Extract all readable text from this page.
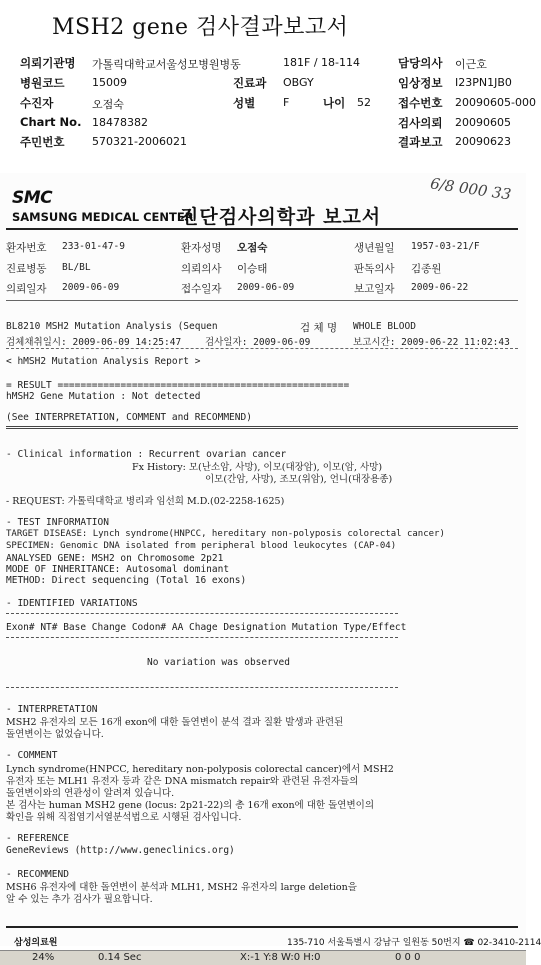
MSH2 gene 검사결과보고서
의뢰기관명 가톨릭대학교서울성모병원병동	181F / 18-114	담당의사 이근호
병원코드	15009	진료과 OBGY	임상정보 I23PN1JB0
수진자	오점숙	성별	F	나이 52 접수번호 20090605-000
Chart No. 18478382	검사의뢰 20090605
주민번호	570321-2006021	결과보고 20090623
SMC
SAMSUNG MEDICAL CENTER
진단검사의학과 보고서
6/8 000 33
환자번호 233-01-47-9	환자성명 오점숙	생년월일 1957-03-21/F
진료병동 BL/BL	의뢰의사 이승태	판독의사 김종원
의뢰일자 2009-06-09	접수일자 2009-06-09	보고일자 2009-06-22
BL8210 MSH2 Mutation Analysis (Sequen	검 체 명 WHOLE BLOOD
검체채취일시: 2009-06-09 14:25:47	검사일자: 2009-06-09	보고시간: 2009-06-22 11:02:43
< hMSH2 Mutation Analysis Report >
= RESULT ===================================================
hMSH2 Gene Mutation : Not detected
(See INTERPRETATION, COMMENT and RECOMMEND)
- Clinical information : Recurrent ovarian cancer
Fx History: 모(난소암, 사망), 이모(대장암), 이모(암, 사망)
이모(간암, 사망), 조모(위암), 언니(대장용종)
- REQUEST: 가톨릭대학교 병리과 임선희 M.D.(02-2258-1625)
- TEST INFORMATION
TARGET DISEASE: Lynch syndrome(HNPCC, hereditary non-polyposis colorectal cancer)
SPECIMEN: Genomic DNA isolated from peripheral blood leukocytes (CAP-04)
ANALYSED GENE: MSH2 on Chromosome 2p21
MODE OF INHERITANCE: Autosomal dominant
METHOD: Direct sequencing (Total 16 exons)
- IDENTIFIED VARIATIONS
Exon# NT# Base Change Codon# AA Chage Designation Mutation Type/Effect
No variation was observed
- INTERPRETATION
MSH2 유전자의 모든 16개 exon에 대한 돌연변이 분석 결과 질환 발생과 관련된
돌연변이는 없었습니다.
- COMMENT
Lynch syndrome(HNPCC, hereditary non-polyposis colorectal cancer)에서 MSH2
유전자 또는 MLH1 유전자 등과 같은 DNA mismatch repair와 관련된 유전자들의
돌연변이와의 연관성이 알려져 있습니다.
본 검사는 human MSH2 gene (locus: 2p21-22)의 총 16개 exon에 대한 돌연변이의
확인을 위해 직접염기서열분석법으로 시행된 검사입니다.
- REFERENCE
GeneReviews (http://www.geneclinics.org)
- RECOMMEND
MSH6 유전자에 대한 돌연변이 분석과 MLH1, MSH2 유전자의 large deletion을
알 수 있는 추가 검사가 필요합니다.
삼성의료원	135-710 서울특별시 강남구 일원동 50번지 ☎ 02-3410-2114
24%	0.14 Sec	X:-1 Y:8 W:0 H:0	0 0 0
